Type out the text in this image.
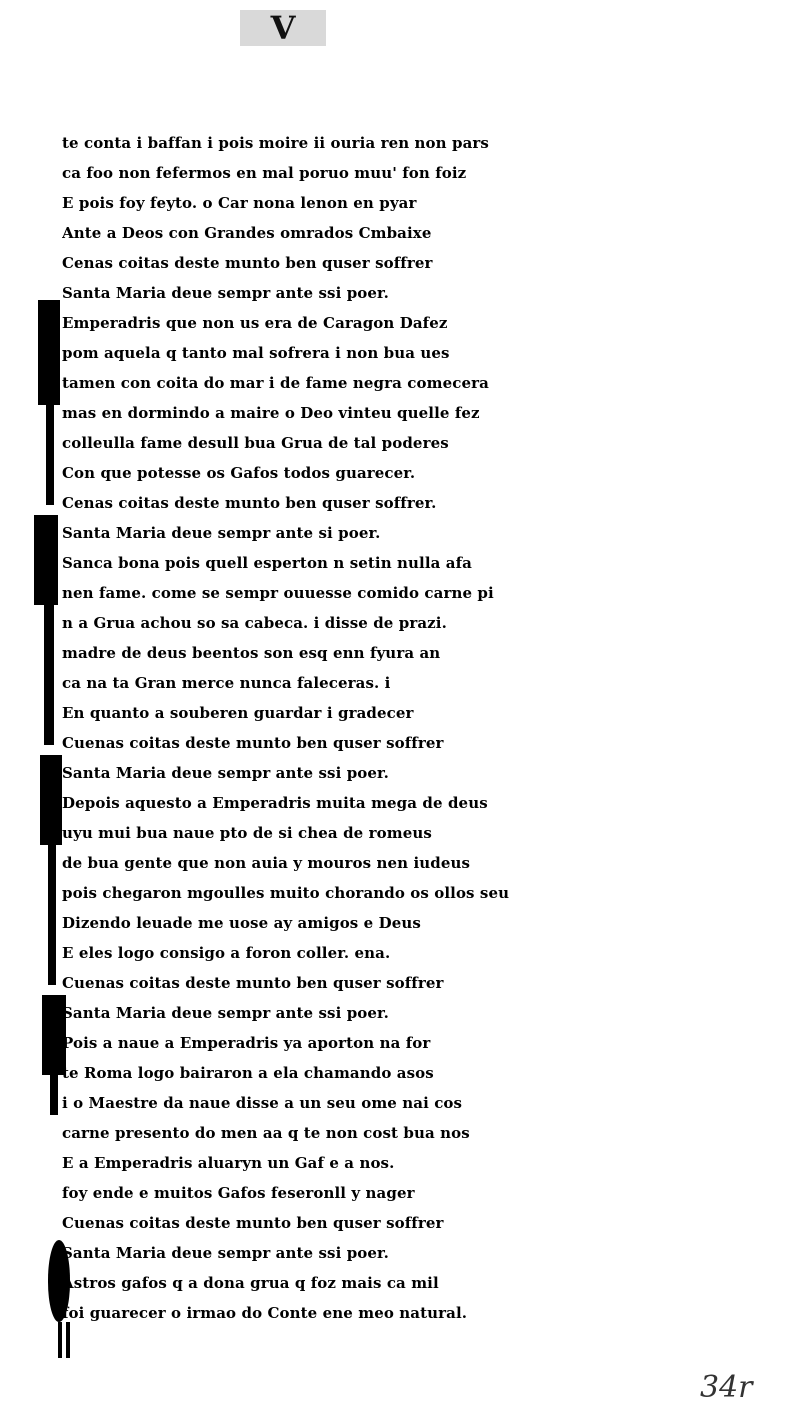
V
te conta i baffan i pois moire ii ouria ren non pars
ca foo non fefermos en mal poruo muu' fon foiz
E pois foy feyto. o Car nona lenon en pyar
Ante a Deos con Grandes omrados Cmbaixe
Cenas coitas deste munto ben quser soffrer
Santa Maria deue sempr ante ssi poer.
Emperadris que non us era de Caragon Dafez
pom aquela q tanto mal sofrera i non bua ues
tamen con coita do mar i de fame negra comecera
mas en dormindo a maire o Deo vinteu quelle fez
colleulla fame desull bua Grua de tal poderes
Con que potesse os Gafos todos guarecer.
Cenas coitas deste munto ben quser soffrer.
Santa Maria deue sempr ante si poer.
Sanca bona pois quell esperton n setin nulla afa
nen fame. come se sempr ouuesse comido carne pi
n a Grua achou so sa cabeca. i disse de prazi.
madre de deus beentos son esq enn fyura an
ca na ta Gran merce nunca faleceras. i
En quanto a souberen guardar i gradecer
Cuenas coitas deste munto ben quser soffrer
Santa Maria deue sempr ante ssi poer.
Depois aquesto a Emperadris muita mega de deus
uyu mui bua naue pto de si chea de romeus
de bua gente que non auia y mouros nen iudeus
pois chegaron mgoulles muito chorando os ollos seu
Dizendo leuade me uose ay amigos e Deus
E eles logo consigo a foron coller. ena.
Cuenas coitas deste munto ben quser soffrer
Santa Maria deue sempr ante ssi poer.
Pois a naue a Emperadris ya aporton na for
te Roma logo bairaron a ela chamando asos
i o Maestre da naue disse a un seu ome nai cos
carne presento do men aa q te non cost bua nos
E a Emperadris aluaryn un Gaf e a nos.
foy ende e muitos Gafos feseronll y nager
Cuenas coitas deste munto ben quser soffrer
Santa Maria deue sempr ante ssi poer.
Astros gafos q a dona grua q foz mais ca mil
foi guarecer o irmao do Conte ene meo natural.
34r
